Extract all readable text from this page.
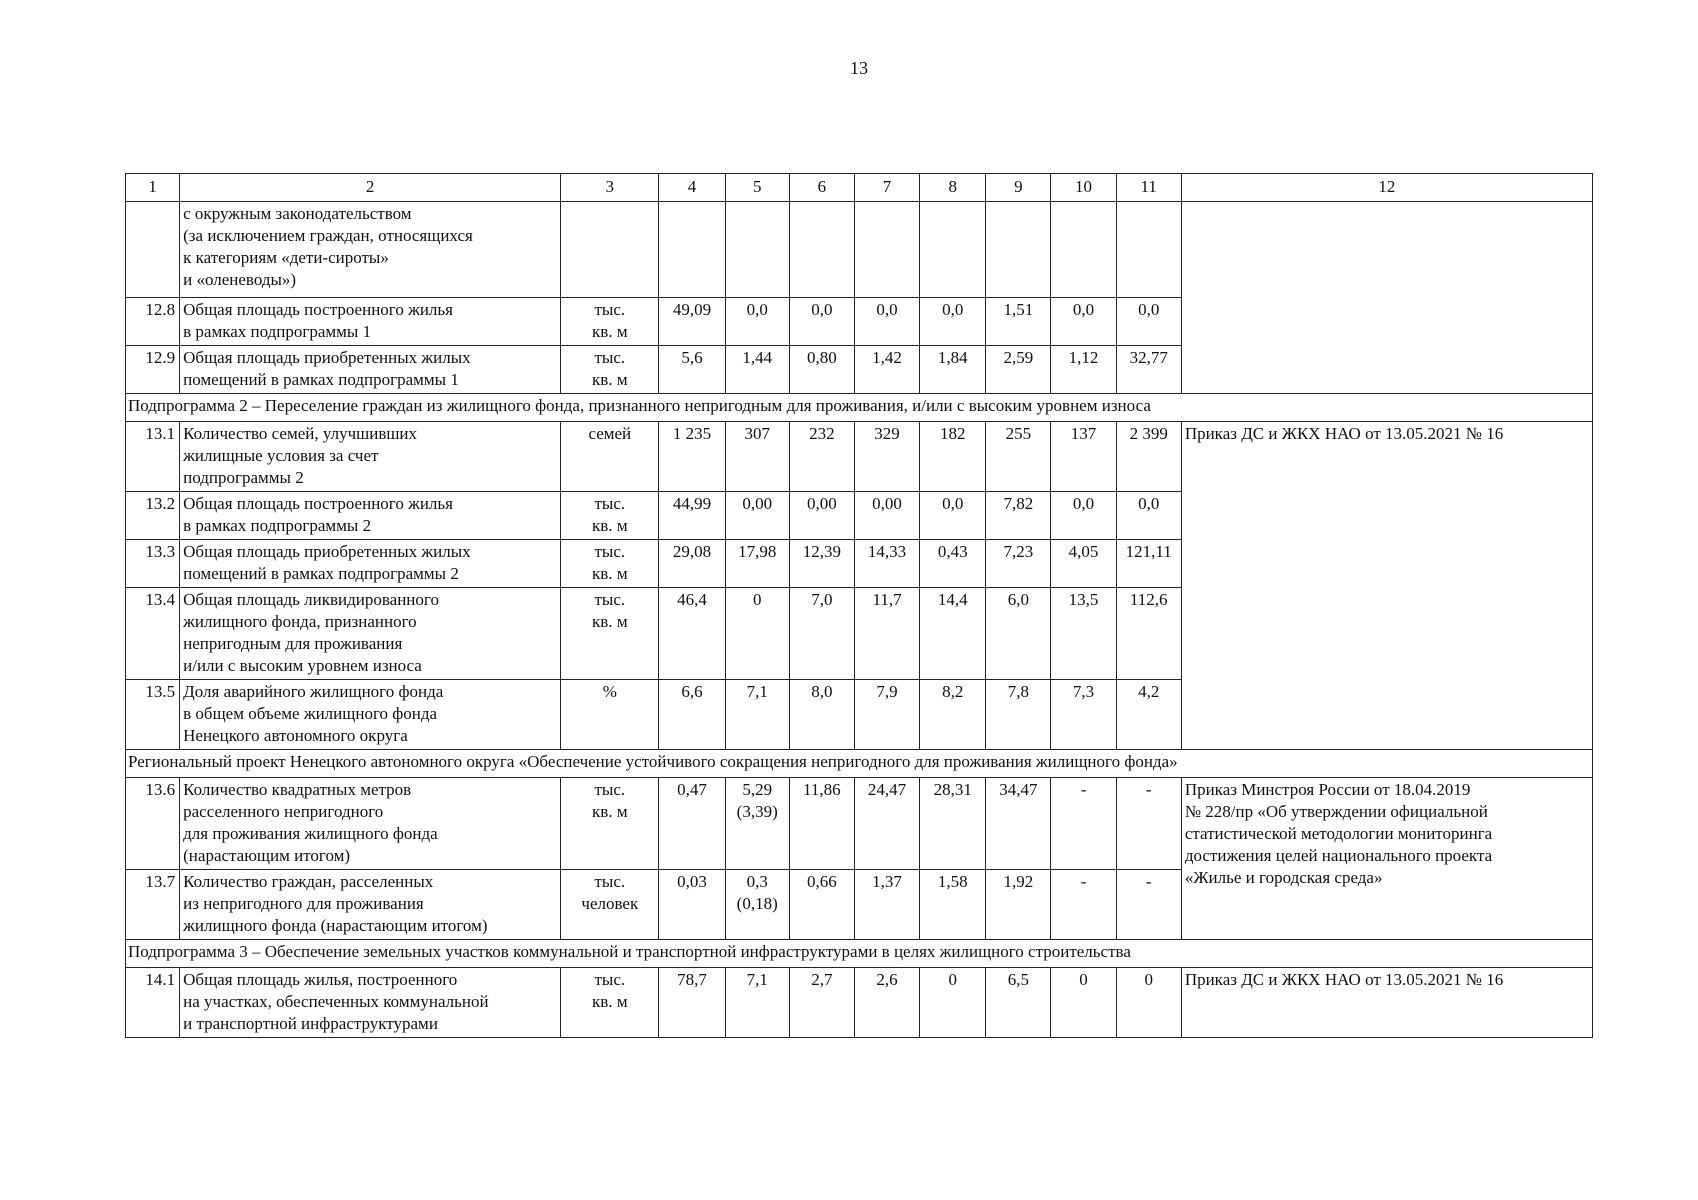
13
1	2	3	4	5	6	7	8	9	10	11	12
	с окружным законодательством
(за исключением граждан, относящихся
к категориям «дети-сироты»
и «оленеводы»)										
12.8	Общая площадь построенного жилья
в рамках подпрограммы 1	тыс.
кв. м	49,09	0,0	0,0	0,0	0,0	1,51	0,0	0,0	
12.9	Общая площадь приобретенных жилых
помещений в рамках подпрограммы 1	тыс.
кв. м	5,6	1,44	0,80	1,42	1,84	2,59	1,12	32,77	
Подпрограмма 2 – Переселение граждан из жилищного фонда, признанного непригодным для проживания, и/или с высоким уровнем износа											
13.1	Количество семей, улучшивших
жилищные условия за счет
подпрограммы 2	семей	1 235	307	232	329	182	255	137	2 399	Приказ ДС и ЖКХ НАО от 13.05.2021 № 16
13.2	Общая площадь построенного жилья
в рамках подпрограммы 2	тыс.
кв. м	44,99	0,00	0,00	0,00	0,0	7,82	0,0	0,0	
13.3	Общая площадь приобретенных жилых
помещений в рамках подпрограммы 2	тыс.
кв. м	29,08	17,98	12,39	14,33	0,43	7,23	4,05	121,11	
13.4	Общая площадь ликвидированного
жилищного фонда, признанного
непригодным для проживания
и/или с высоким уровнем износа	тыс.
кв. м	46,4	0	7,0	11,7	14,4	6,0	13,5	112,6	
13.5	Доля аварийного жилищного фонда
в общем объеме жилищного фонда
Ненецкого автономного округа	%	6,6	7,1	8,0	7,9	8,2	7,8	7,3	4,2	
Региональный проект Ненецкого автономного округа «Обеспечение устойчивого сокращения непригодного для проживания жилищного фонда»											
13.6	Количество квадратных метров
расселенного непригодного
для проживания жилищного фонда
(нарастающим итогом)	тыс.
кв. м	0,47	5,29
(3,39)	11,86	24,47	28,31	34,47	-	-	Приказ Минстроя России от 18.04.2019
№ 228/пр «Об утверждении официальной
статистической методологии мониторинга
достижения целей национального проекта
«Жилье и городская среда»
13.7	Количество граждан, расселенных
из непригодного для проживания
жилищного фонда (нарастающим итогом)	тыс.
человек	0,03	0,3
(0,18)	0,66	1,37	1,58	1,92	-	-	
Подпрограмма 3 – Обеспечение земельных участков коммунальной и транспортной инфраструктурами в целях жилищного строительства											
14.1	Общая площадь жилья, построенного
на участках, обеспеченных коммунальной
и транспортной инфраструктурами	тыс.
кв. м	78,7	7,1	2,7	2,6	0	6,5	0	0	Приказ ДС и ЖКХ НАО от 13.05.2021 № 16
